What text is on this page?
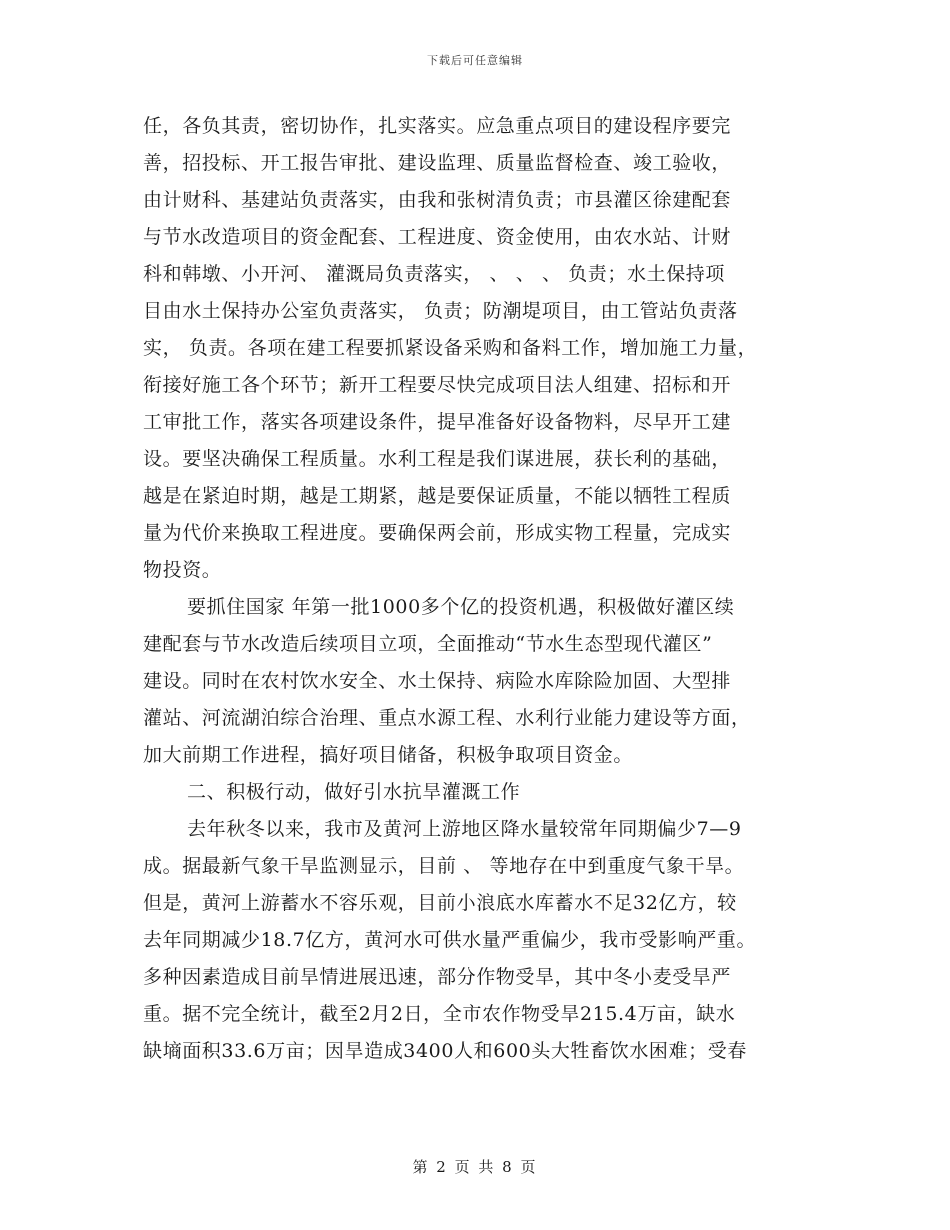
下载后可任意编辑
任，各负其责，密切协作，扎实落实。应急重点项目的建设程序要完
善，招投标、开工报告审批、建设监理、质量监督检查、竣工验收，
由计财科、基建站负责落实，由我和张树清负责；市县灌区徐建配套
与节水改造项目的资金配套、工程进度、资金使用，由农水站、计财
科和韩墩、小开河、 灌溉局负责落实， 、 、 、 负责；水土保持项
目由水土保持办公室负责落实， 负责；防潮堤项目，由工管站负责落
实， 负责。各项在建工程要抓紧设备采购和备料工作，增加施工力量，
衔接好施工各个环节；新开工程要尽快完成项目法人组建、招标和开
工审批工作，落实各项建设条件，提早准备好设备物料，尽早开工建
设。要坚决确保工程质量。水利工程是我们谋进展，获长利的基础，
越是在紧迫时期，越是工期紧，越是要保证质量，不能以牺牲工程质
量为代价来换取工程进度。要确保两会前，形成实物工程量，完成实
物投资。
要抓住国家 年第一批1000多个亿的投资机遇，积极做好灌区续
建配套与节水改造后续项目立项，全面推动“节水生态型现代灌区”
建设。同时在农村饮水安全、水土保持、病险水库除险加固、大型排
灌站、河流湖泊综合治理、重点水源工程、水利行业能力建设等方面，
加大前期工作进程，搞好项目储备，积极争取项目资金。
二、积极行动，做好引水抗旱灌溉工作
去年秋冬以来，我市及黄河上游地区降水量较常年同期偏少7—9
成。据最新气象干旱监测显示，目前 、 等地存在中到重度气象干旱。
但是，黄河上游蓄水不容乐观，目前小浪底水库蓄水不足32亿方，较
去年同期减少18.7亿方，黄河水可供水量严重偏少，我市受影响严重。
多种因素造成目前旱情进展迅速，部分作物受旱，其中冬小麦受旱严
重。据不完全统计，截至2月2日，全市农作物受旱215.4万亩，缺水
缺墒面积33.6万亩；因旱造成3400人和600头大牲畜饮水困难；受春
第 2 页 共 8 页
